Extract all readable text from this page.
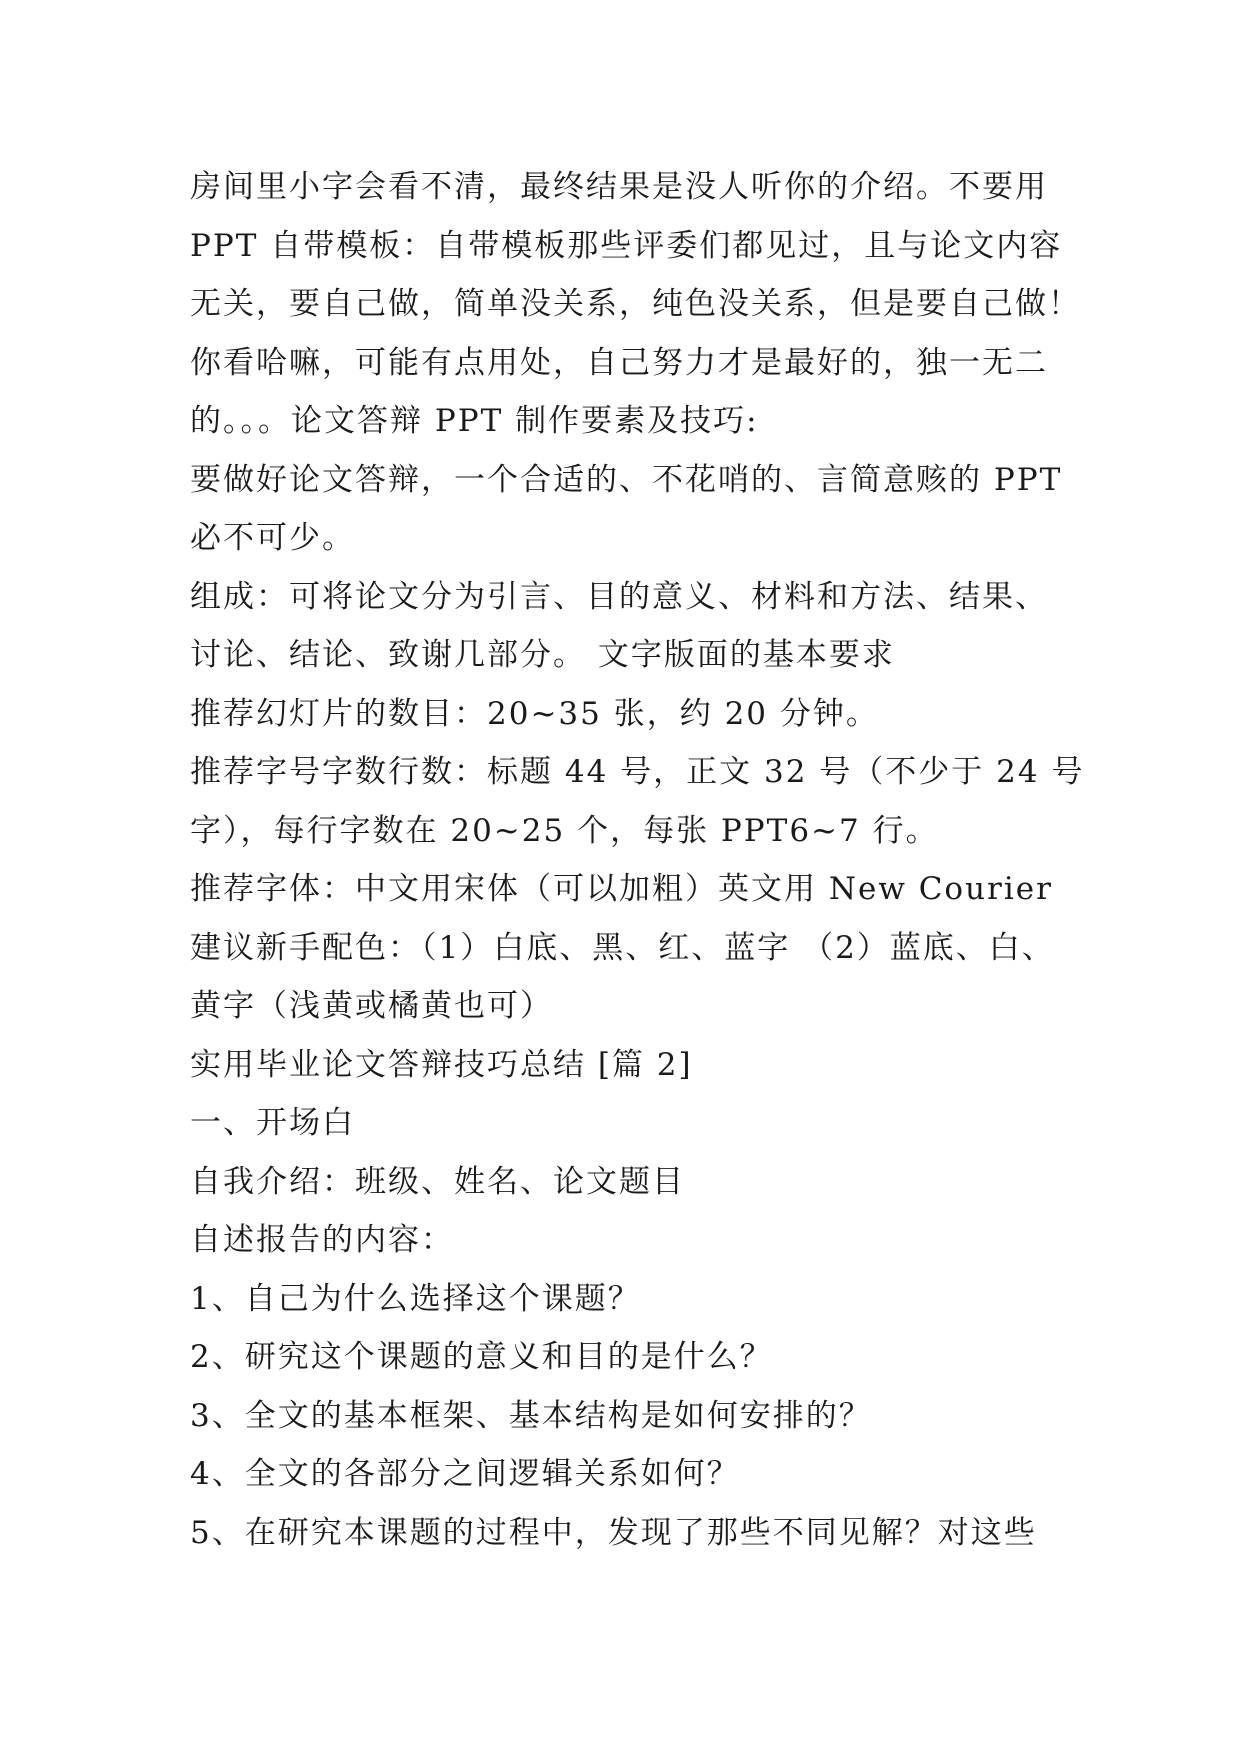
房间里小字会看不清，最终结果是没人听你的介绍。不要用

PPT 自带模板：自带模板那些评委们都见过，且与论文内容

无关，要自己做，简单没关系，纯色没关系，但是要自己做！

你看哈嘛，可能有点用处，自己努力才是最好的，独一无二

的。。。论文答辩 PPT 制作要素及技巧:

要做好论文答辩，一个合适的、不花哨的、言简意赅的 PPT

必不可少。

组成：可将论文分为引言、目的意义、材料和方法、结果、

讨论、结论、致谢几部分。 文字版面的基本要求

推荐幻灯片的数目：20~35 张，约 20 分钟。

推荐字号字数行数：标题 44 号，正文 32 号（不少于 24 号

字），每行字数在 20~25 个，每张 PPT6~7 行。

推荐字体：中文用宋体（可以加粗）英文用 New Courier

建议新手配色：（1）白底、黑、红、蓝字 （2）蓝底、白、

黄字（浅黄或橘黄也可）

实用毕业论文答辩技巧总结 [篇 2]

一、开场白

自我介绍：班级、姓名、论文题目

自述报告的内容：

1、自己为什么选择这个课题？

2、研究这个课题的意义和目的是什么？

3、全文的基本框架、基本结构是如何安排的？

4、全文的各部分之间逻辑关系如何？

5、在研究本课题的过程中，发现了那些不同见解？对这些
